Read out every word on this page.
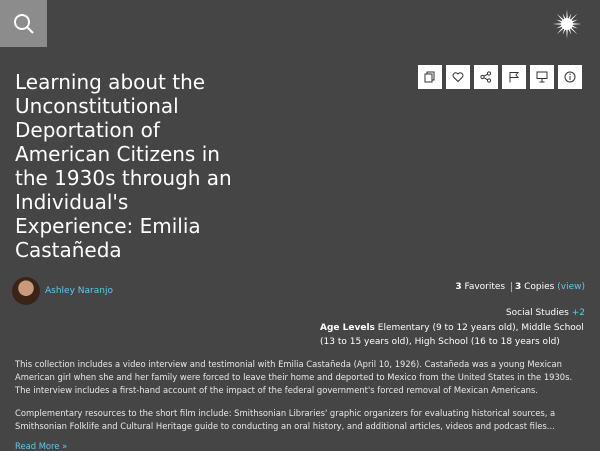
Learning about the Unconstitutional Deportation of American Citizens in the 1930s through an Individual's Experience: Emilia Castañeda
Ashley Naranjo	3 Favorites 3 Copies (view)
Social Studies +2
Age Levels Elementary (9 to 12 years old), Middle School (13 to 15 years old), High School (16 to 18 years old)

This collection includes a video interview and testimonial with Emilia Castañeda (April 10, 1926). Castañeda was a young Mexican American girl when she and her family were forced to leave their home and deported to Mexico from the United States in the 1930s. The interview includes a first-hand account of the impact of the federal government's forced removal of Mexican Americans.

Complementary resources to the short film include: Smithsonian Libraries' graphic organizers for evaluating historical sources, a Smithsonian Folklife and Cultural Heritage guide to conducting an oral history, and additional articles, videos and podcast files...

Read More »
